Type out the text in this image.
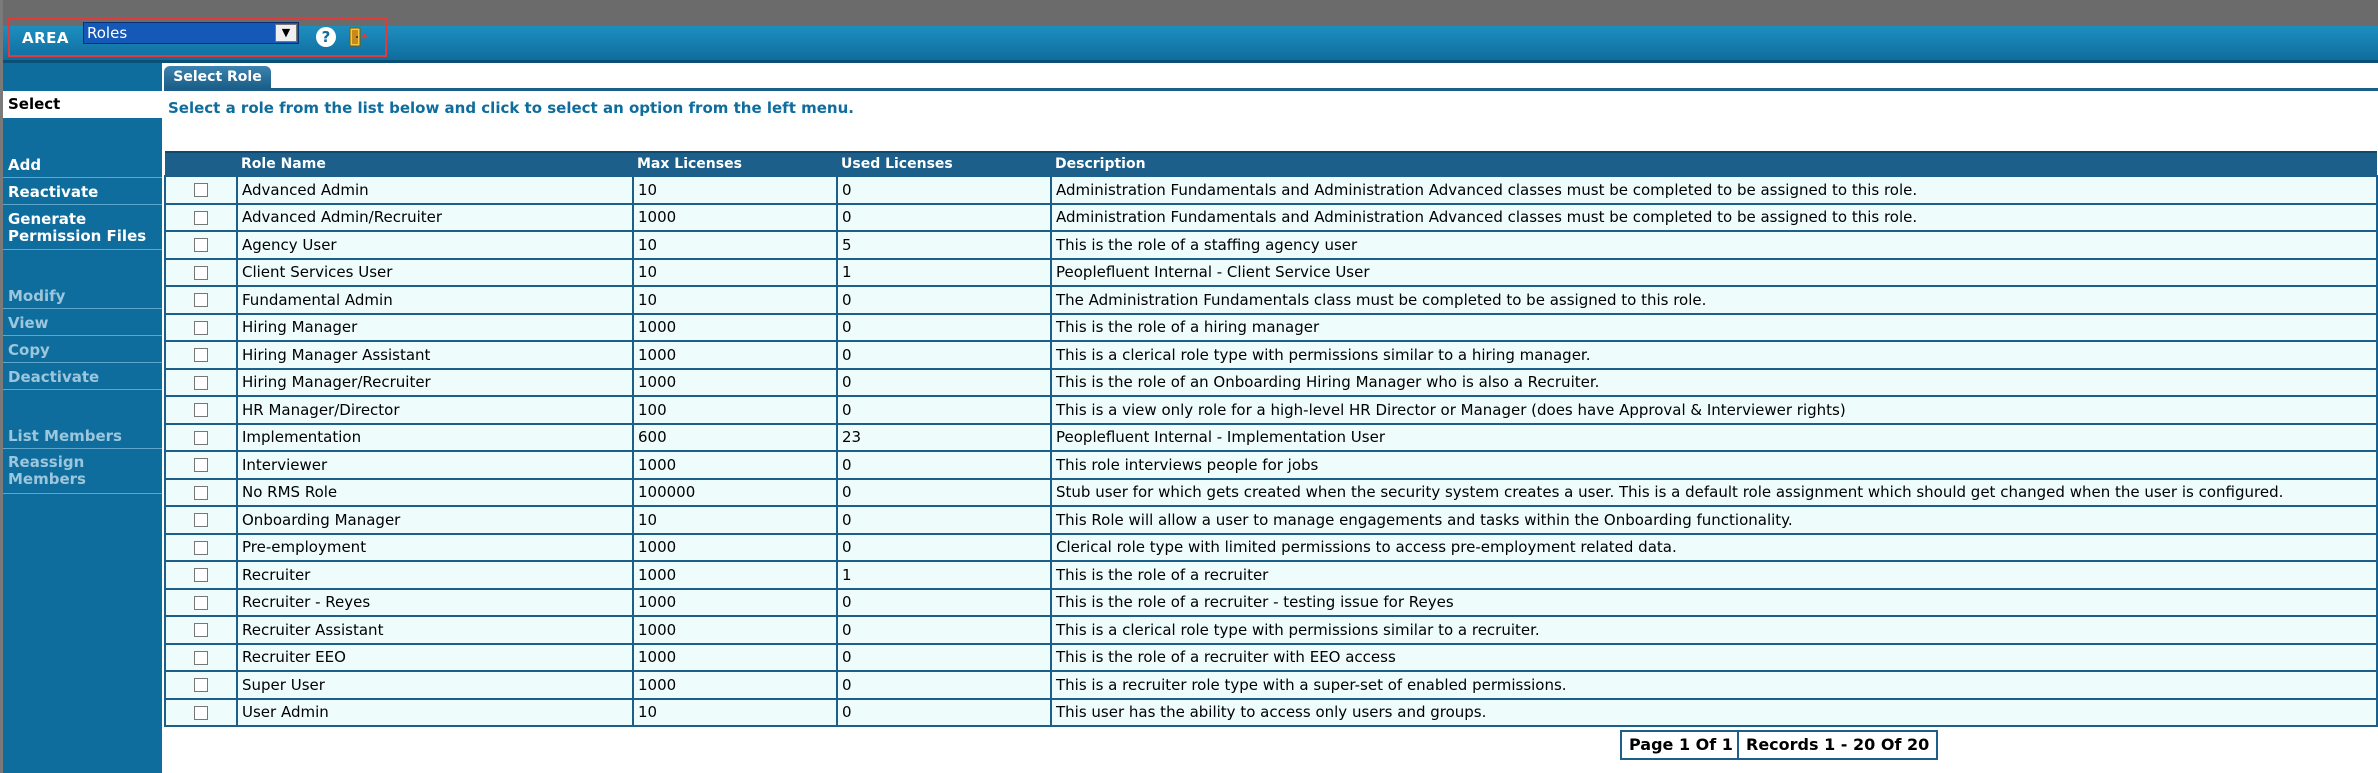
Select
Add
Reactivate
Generate Permission Files
Modify
View
Copy
Deactivate
List Members
Reassign Members
AREA Roles	▼	?
Select Role
Select a role from the list below and click to select an option from the left menu.
	Role Name	Max Licenses	Used Licenses	Description
	Advanced Admin	10	0	Administration Fundamentals and Administration Advanced classes must be completed to be assigned to this role.
	Advanced Admin/Recruiter	1000	0	Administration Fundamentals and Administration Advanced classes must be completed to be assigned to this role.
	Agency User	10	5	This is the role of a staffing agency user
	Client Services User	10	1	Peoplefluent Internal - Client Service User
	Fundamental Admin	10	0	The Administration Fundamentals class must be completed to be assigned to this role.
	Hiring Manager	1000	0	This is the role of a hiring manager
	Hiring Manager Assistant	1000	0	This is a clerical role type with permissions similar to a hiring manager.
	Hiring Manager/Recruiter	1000	0	This is the role of an Onboarding Hiring Manager who is also a Recruiter.
	HR Manager/Director	100	0	This is a view only role for a high-level HR Director or Manager (does have Approval & Interviewer rights)
	Implementation	600	23	Peoplefluent Internal - Implementation User
	Interviewer	1000	0	This role interviews people for jobs
	No RMS Role	100000	0	Stub user for which gets created when the security system creates a user. This is a default role assignment which should get changed when the user is configured.
	Onboarding Manager	10	0	This Role will allow a user to manage engagements and tasks within the Onboarding functionality.
	Pre-employment	1000	0	Clerical role type with limited permissions to access pre-employment related data.
	Recruiter	1000	1	This is the role of a recruiter
	Recruiter - Reyes	1000	0	This is the role of a recruiter - testing issue for Reyes
	Recruiter Assistant	1000	0	This is a clerical role type with permissions similar to a recruiter.
	Recruiter EEO	1000	0	This is the role of a recruiter with EEO access
	Super User	1000	0	This is a recruiter role type with a super-set of enabled permissions.
	User Admin	10	0	This user has the ability to access only users and groups.
Page 1 Of 1 Records 1 - 20 Of 20
